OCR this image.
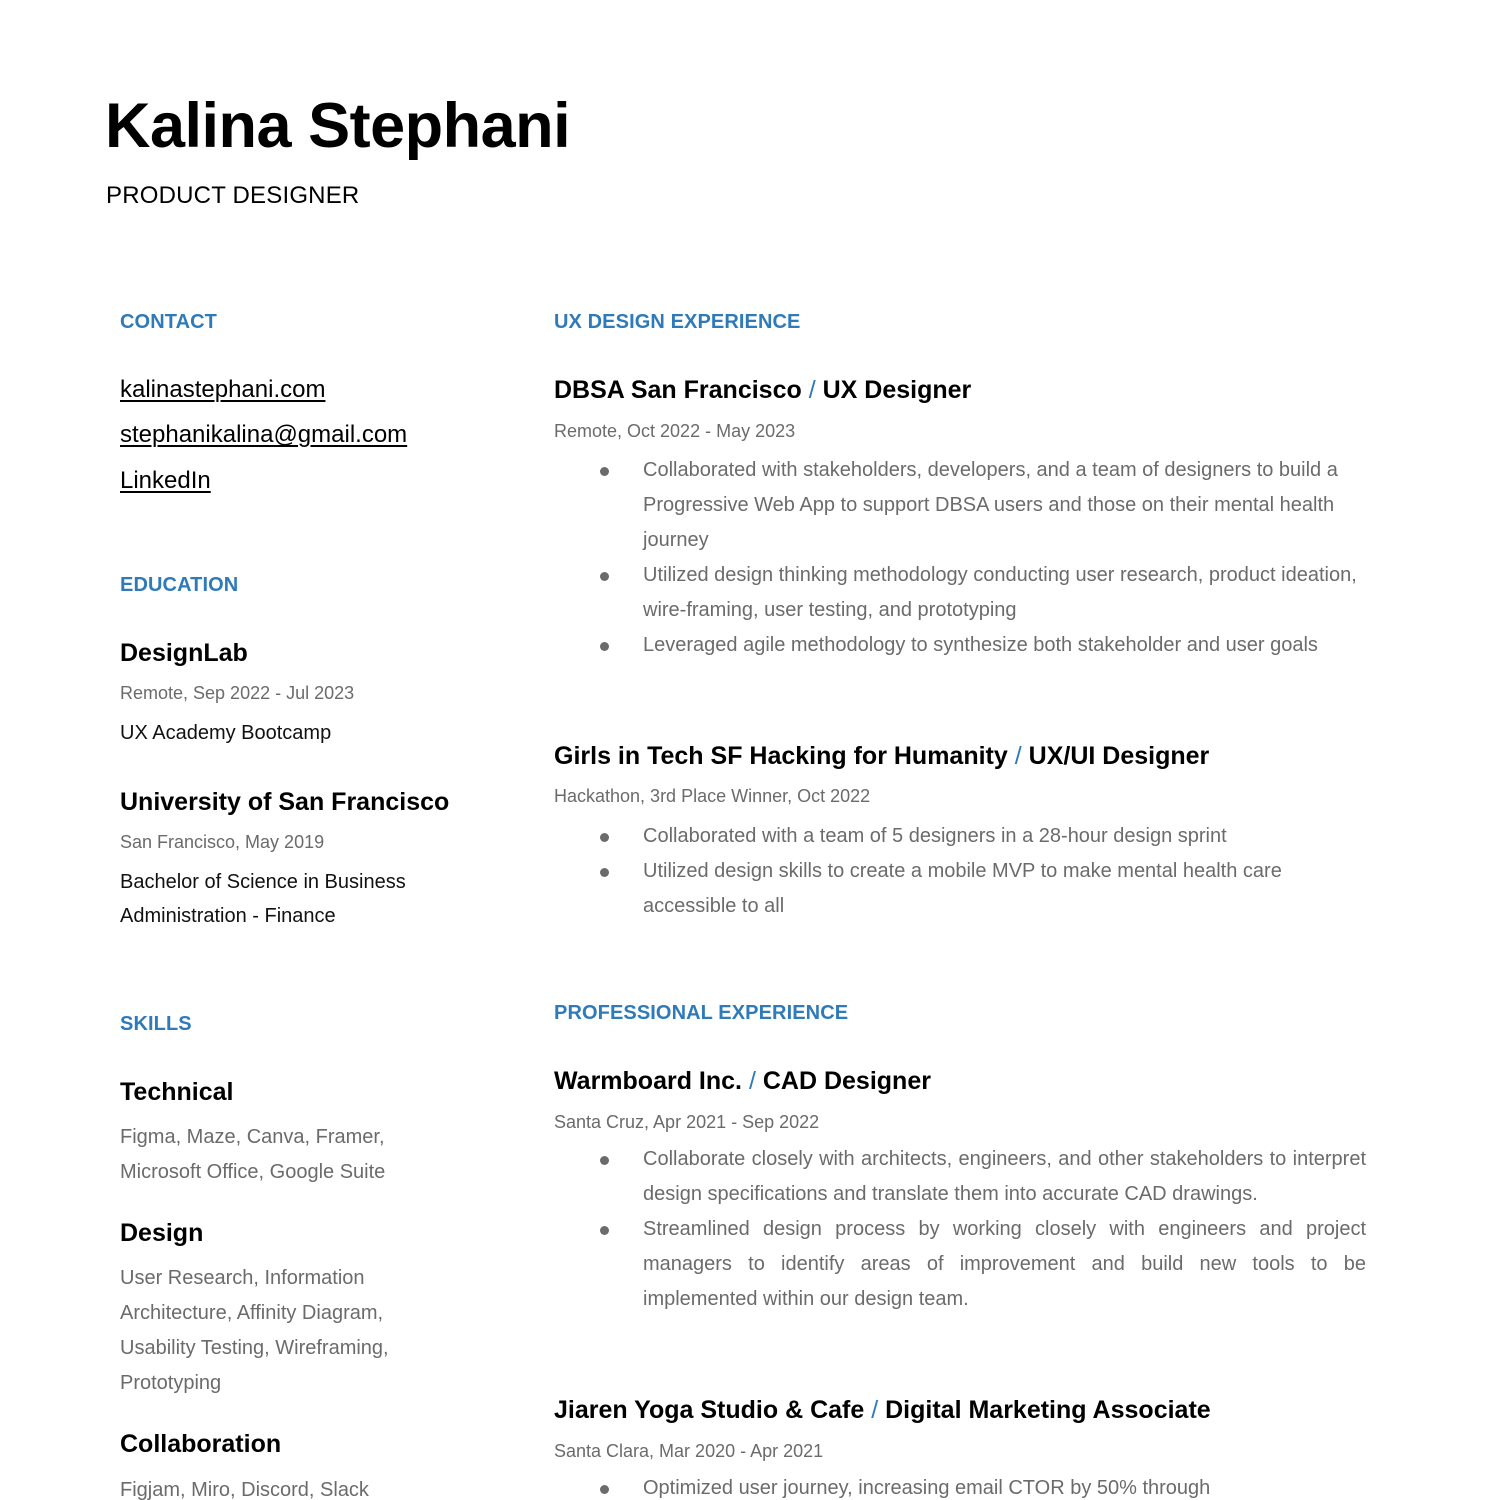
Kalina Stephani
PRODUCT DESIGNER
CONTACT
kalinastephani.com
stephanikalina@gmail.com
LinkedIn
EDUCATION
DesignLab
Remote, Sep 2022 - Jul 2023
UX Academy Bootcamp
University of San Francisco
San Francisco, May 2019
Bachelor of Science in Business Administration - Finance
SKILLS
Technical
Figma, Maze, Canva, Framer, Microsoft Office, Google Suite
Design
User Research, Information Architecture, Affinity Diagram, Usability Testing, Wireframing, Prototyping
Collaboration
Figjam, Miro, Discord, Slack
UX DESIGN EXPERIENCE
DBSA San Francisco / UX Designer
Remote, Oct 2022 - May 2023
Collaborated with stakeholders, developers, and a team of designers to build a Progressive Web App to support DBSA users and those on their mental health journey
Utilized design thinking methodology conducting user research, product ideation, wire-framing, user testing, and prototyping
Leveraged agile methodology to synthesize both stakeholder and user goals
Girls in Tech SF Hacking for Humanity / UX/UI Designer
Hackathon, 3rd Place Winner, Oct 2022
Collaborated with a team of 5 designers in a 28-hour design sprint
Utilized design skills to create a mobile MVP to make mental health care accessible to all
PROFESSIONAL EXPERIENCE
Warmboard Inc. / CAD Designer
Santa Cruz, Apr 2021 - Sep 2022
Collaborate closely with architects, engineers, and other stakeholders to interpret design specifications and translate them into accurate CAD drawings.
Streamlined design process by working closely with engineers and project managers to identify areas of improvement and build new tools to be implemented within our design team.
Jiaren Yoga Studio & Cafe / Digital Marketing Associate
Santa Clara, Mar 2020 - Apr 2021
Optimized user journey, increasing email CTOR by 50% through
